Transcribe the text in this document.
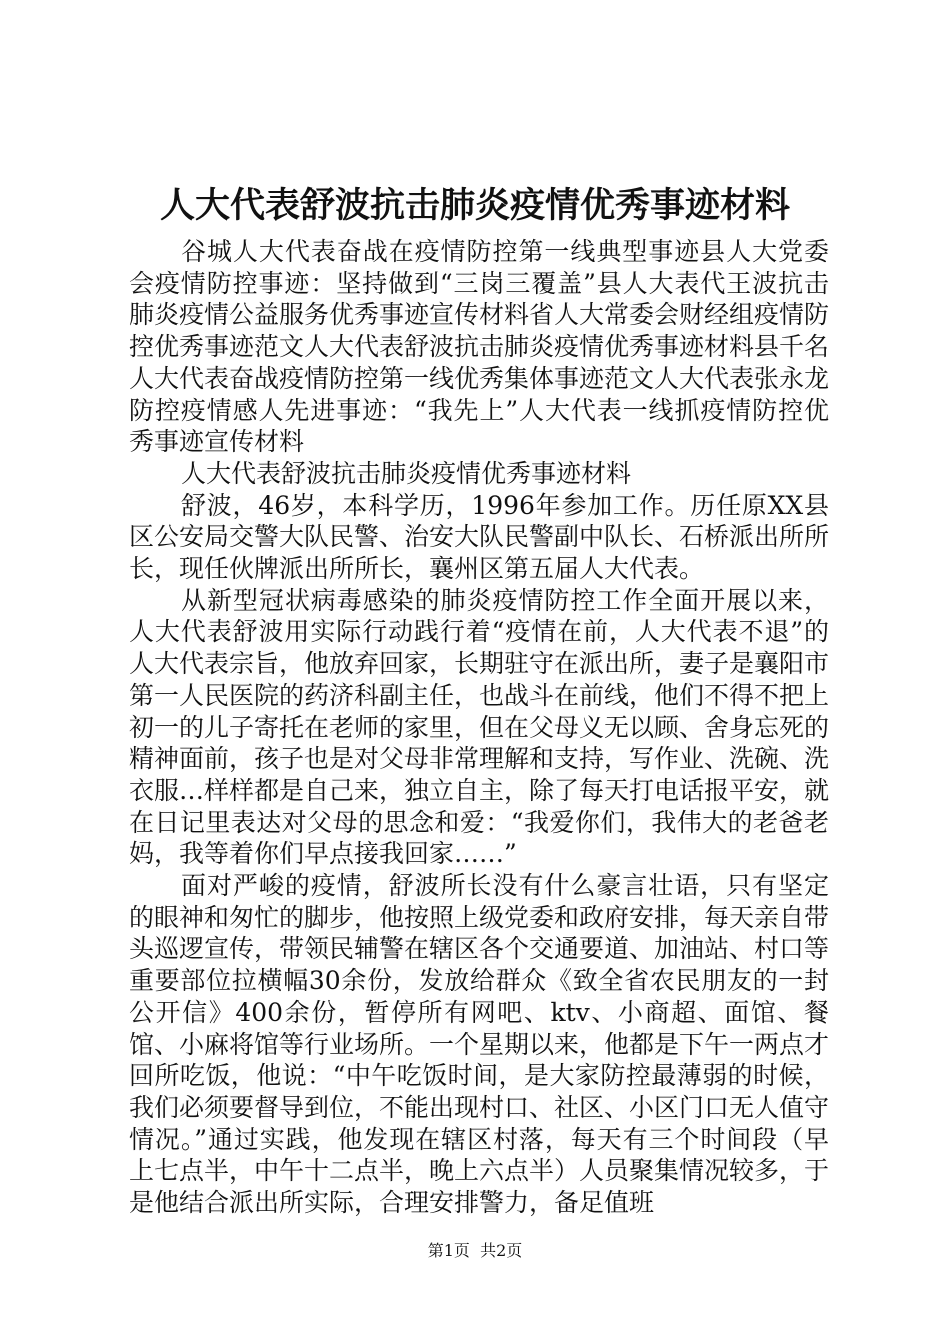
人大代表舒波抗击肺炎疫情优秀事迹材料

谷城人大代表奋战在疫情防控第一线典型事迹县人大党委会疫情防控事迹：坚持做到“三岗三覆盖”县人大表代王波抗击肺炎疫情公益服务优秀事迹宣传材料省人大常委会财经组疫情防控优秀事迹范文人大代表舒波抗击肺炎疫情优秀事迹材料县千名人大代表奋战疫情防控第一线优秀集体事迹范文人大代表张永龙防控疫情感人先进事迹：“我先上”人大代表一线抓疫情防控优秀事迹宣传材料

人大代表舒波抗击肺炎疫情优秀事迹材料

舒波，46岁，本科学历，1996年参加工作。历任原XX县区公安局交警大队民警、治安大队民警副中队长、石桥派出所所长，现任伙牌派出所所长，襄州区第五届人大代表。

从新型冠状病毒感染的肺炎疫情防控工作全面开展以来，人大代表舒波用实际行动践行着“疫情在前，人大代表不退”的人大代表宗旨，他放弃回家，长期驻守在派出所，妻子是襄阳市第一人民医院的药济科副主任，也战斗在前线，他们不得不把上初一的儿子寄托在老师的家里，但在父母义无以顾、舍身忘死的精神面前，孩子也是对父母非常理解和支持，写作业、洗碗、洗衣服…样样都是自己来，独立自主，除了每天打电话报平安，就在日记里表达对父母的思念和爱：“我爱你们，我伟大的老爸老妈，我等着你们早点接我回家……”

面对严峻的疫情，舒波所长没有什么豪言壮语，只有坚定的眼神和匆忙的脚步，他按照上级党委和政府安排，每天亲自带头巡逻宣传，带领民辅警在辖区各个交通要道、加油站、村口等重要部位拉横幅30余份，发放给群众《致全省农民朋友的一封公开信》400余份，暂停所有网吧、ktv、小商超、面馆、餐馆、小麻将馆等行业场所。一个星期以来，他都是下午一两点才回所吃饭，他说：“中午吃饭时间，是大家防控最薄弱的时候，我们必须要督导到位，不能出现村口、社区、小区门口无人值守情况。”通过实践，他发现在辖区村落，每天有三个时间段（早上七点半，中午十二点半，晚上六点半）人员聚集情况较多，于是他结合派出所实际，合理安排警力，备足值班

第1页  共2页
